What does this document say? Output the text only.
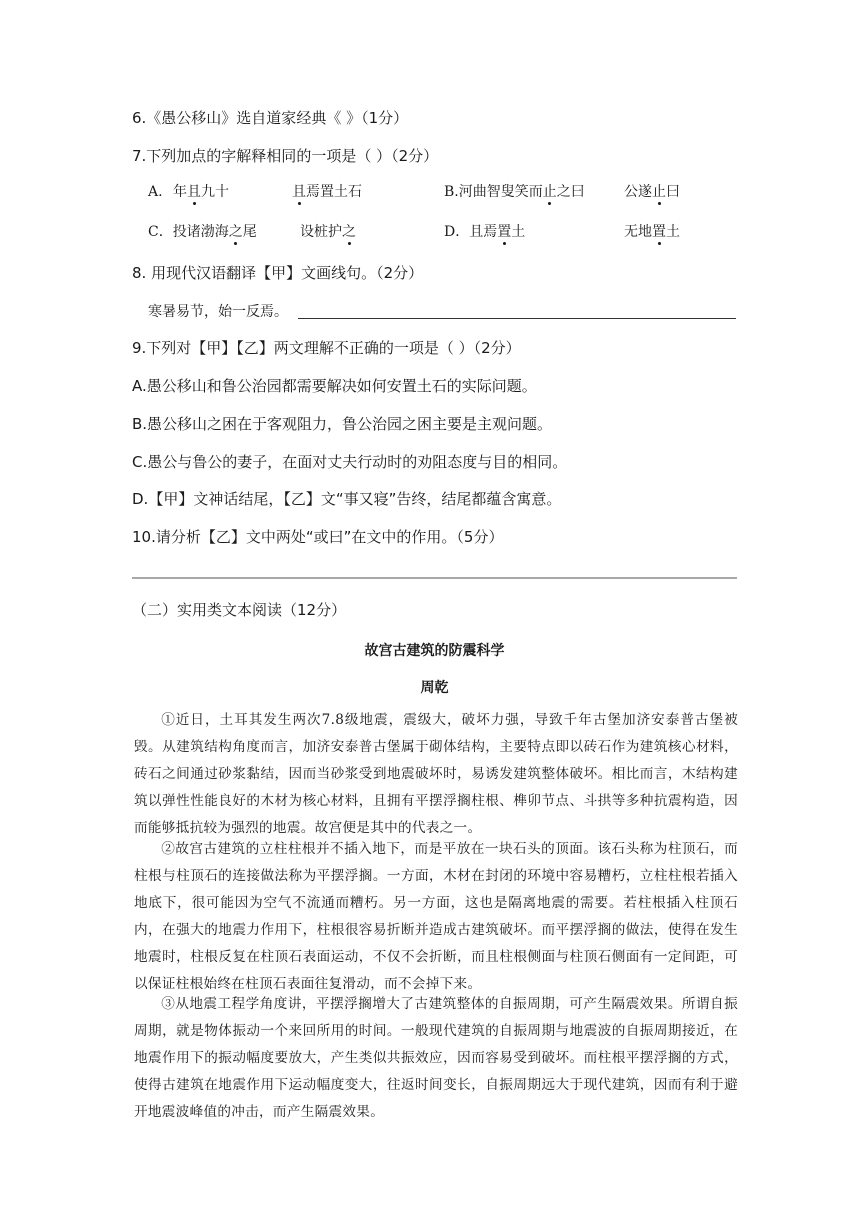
6.《愚公移山》选自道家经典《 》（1分）
7.下列加点的字解释相同的一项是（ ）（2分）
A. 年且九十	且焉置土石	B.河曲智叟笑而止之曰	公遂止曰
C．投诸渤海之尾	设桩护之	D．且焉置土	无地置土
8. 用现代汉语翻译【甲】文画线句。（2分）
寒暑易节，始一反焉。
9.下列对【甲】【乙】两文理解不正确的一项是（ ）（2分）
A.愚公移山和鲁公治园都需要解决如何安置土石的实际问题。
B.愚公移山之困在于客观阻力，鲁公治园之困主要是主观问题。
C.愚公与鲁公的妻子，在面对丈夫行动时的劝阻态度与目的相同。
D.【甲】文神话结尾，【乙】文“事又寝”告终，结尾都蕴含寓意。
10.请分析【乙】文中两处“或曰”在文中的作用。（5分）
（二）实用类文本阅读（12分）
故宫古建筑的防震科学
周乾
①近日，土耳其发生两次7.8级地震，震级大，破坏力强，导致千年古堡加济安泰普古堡被毁。从建筑结构角度而言，加济安泰普古堡属于砌体结构，主要特点即以砖石作为建筑核心材料，砖石之间通过砂浆黏结，因而当砂浆受到地震破坏时，易诱发建筑整体破坏。相比而言，木结构建筑以弹性性能良好的木材为核心材料，且拥有平摆浮搁柱根、榫卯节点、斗拱等多种抗震构造，因而能够抵抗较为强烈的地震。故宫便是其中的代表之一。
②故宫古建筑的立柱柱根并不插入地下，而是平放在一块石头的顶面。该石头称为柱顶石，而柱根与柱顶石的连接做法称为平摆浮搁。一方面，木材在封闭的环境中容易糟朽，立柱柱根若插入地底下，很可能因为空气不流通而糟朽。另一方面，这也是隔离地震的需要。若柱根插入柱顶石内，在强大的地震力作用下，柱根很容易折断并造成古建筑破坏。而平摆浮搁的做法，使得在发生地震时，柱根反复在柱顶石表面运动，不仅不会折断，而且柱根侧面与柱顶石侧面有一定间距，可以保证柱根始终在柱顶石表面往复滑动，而不会掉下来。
③从地震工程学角度讲，平摆浮搁增大了古建筑整体的自振周期，可产生隔震效果。所谓自振周期，就是物体振动一个来回所用的时间。一般现代建筑的自振周期与地震波的自振周期接近，在地震作用下的振动幅度要放大，产生类似共振效应，因而容易受到破坏。而柱根平摆浮搁的方式，使得古建筑在地震作用下运动幅度变大，往返时间变长，自振周期远大于现代建筑，因而有利于避开地震波峰值的冲击，而产生隔震效果。
